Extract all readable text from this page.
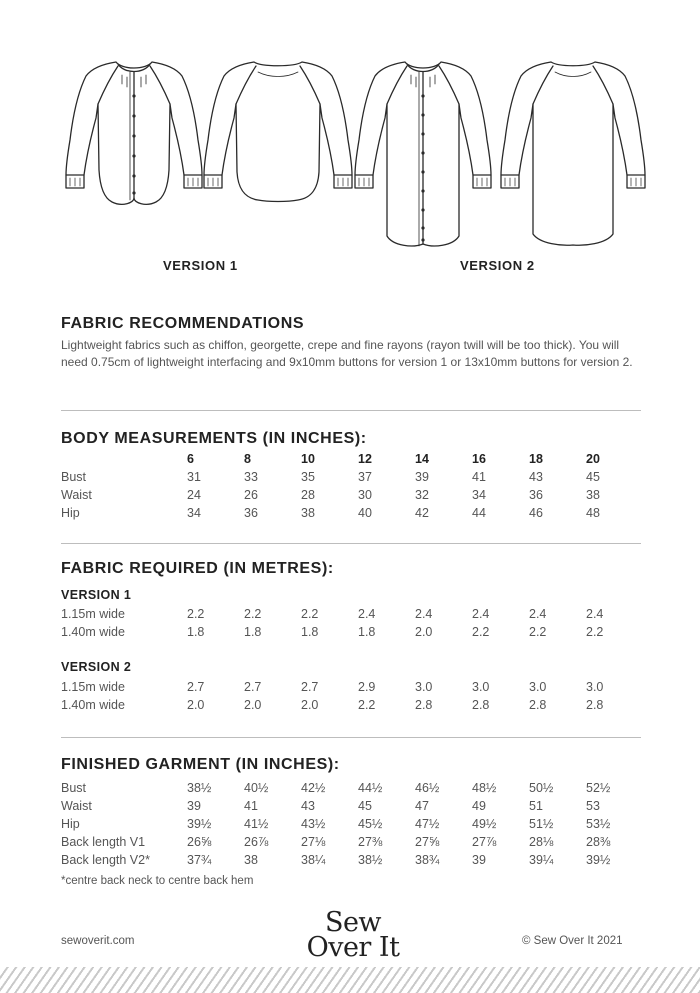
VERSION 1	VERSION 2
FABRIC RECOMMENDATIONS

Lightweight fabrics such as chiffon, georgette, crepe and fine rayons (rayon twill will be too thick). You will need 0.75cm of lightweight interfacing and 9x10mm buttons for version 1 or 13x10mm buttons for version 2.

BODY MEASUREMENTS (IN INCHES):
	6	8	10	12	14	16	18	20
Bust	31	33	35	37	39	41	43	45
Waist	24	26	28	30	32	34	36	38
Hip	34	36	38	40	42	44	46	48
FABRIC REQUIRED (IN METRES):
VERSION 1
1.15m wide	2.2	2.2	2.2	2.4	2.4	2.4	2.4	2.4
1.40m wide	1.8	1.8	1.8	1.8	2.0	2.2	2.2	2.2
VERSION 2
1.15m wide	2.7	2.7	2.7	2.9	3.0	3.0	3.0	3.0
1.40m wide	2.0	2.0	2.0	2.2	2.8	2.8	2.8	2.8
FINISHED GARMENT (IN INCHES):
Bust	38½	40½	42½	44½	46½	48½	50½	52½
Waist	39	41	43	45	47	49	51	53
Hip	39½	41½	43½	45½	47½	49½	51½	53½
Back length V1	26⅝	26⅞	27⅛	27⅜	27⅝	27⅞	28⅛	28⅜
Back length V2*	37¾	38	38¼	38½	38¾	39	39¼	39½
*centre back neck to centre back hem
sewoverit.com
Sew
Over It	© Sew Over It 2021
